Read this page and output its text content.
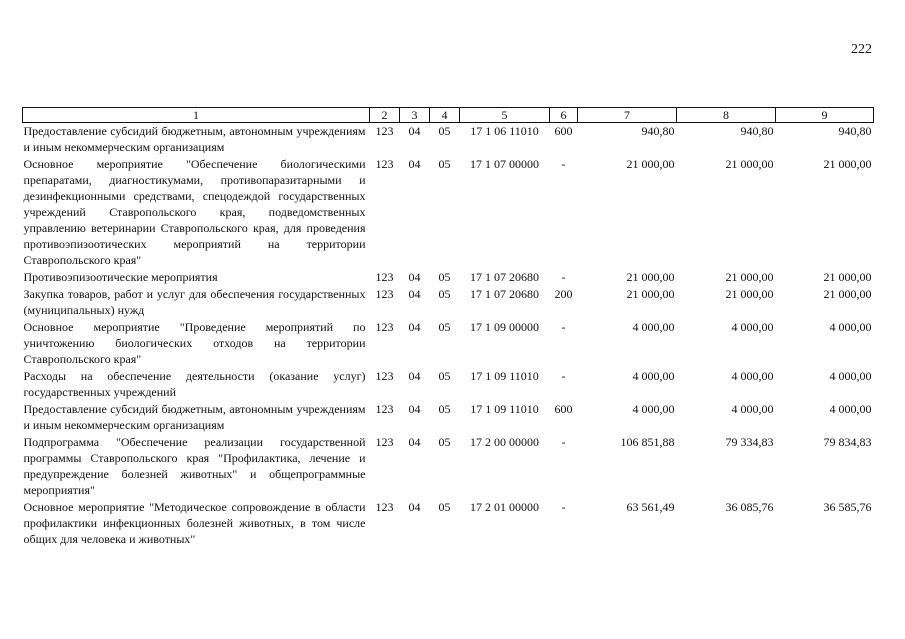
222
1	2	3	4	5	6	7	8	9
Предоставление субсидий бюджетным, автономным учреждениям и иным некоммерческим организациям	123	04	05	17 1 06 11010	600	940,80	940,80	940,80
Основное мероприятие "Обеспечение биологическими препаратами, диагностикумами, противопаразитарными и дезинфекционными средствами, спецодеждой государственных учреждений Ставропольского края, подведомственных управлению ветеринарии Ставропольского края, для проведения противоэпизоотических мероприятий на территории Ставропольского края"	123	04	05	17 1 07 00000	-	21 000,00	21 000,00	21 000,00
Противоэпизоотические мероприятия	123	04	05	17 1 07 20680	-	21 000,00	21 000,00	21 000,00
Закупка товаров, работ и услуг для обеспечения государственных (муниципальных) нужд	123	04	05	17 1 07 20680	200	21 000,00	21 000,00	21 000,00
Основное мероприятие "Проведение мероприятий по уничтожению биологических отходов на территории Ставропольского края"	123	04	05	17 1 09 00000	-	4 000,00	4 000,00	4 000,00
Расходы на обеспечение деятельности (оказание услуг) государственных учреждений	123	04	05	17 1 09 11010	-	4 000,00	4 000,00	4 000,00
Предоставление субсидий бюджетным, автономным учреждениям и иным некоммерческим организациям	123	04	05	17 1 09 11010	600	4 000,00	4 000,00	4 000,00
Подпрограмма "Обеспечение реализации государственной программы Ставропольского края "Профилактика, лечение и предупреждение болезней животных" и общепрограммные мероприятия"	123	04	05	17 2 00 00000	-	106 851,88	79 334,83	79 834,83
Основное мероприятие "Методическое сопровождение в области профилактики инфекционных болезней животных, в том числе общих для человека и животных"	123	04	05	17 2 01 00000	-	63 561,49	36 085,76	36 585,76
